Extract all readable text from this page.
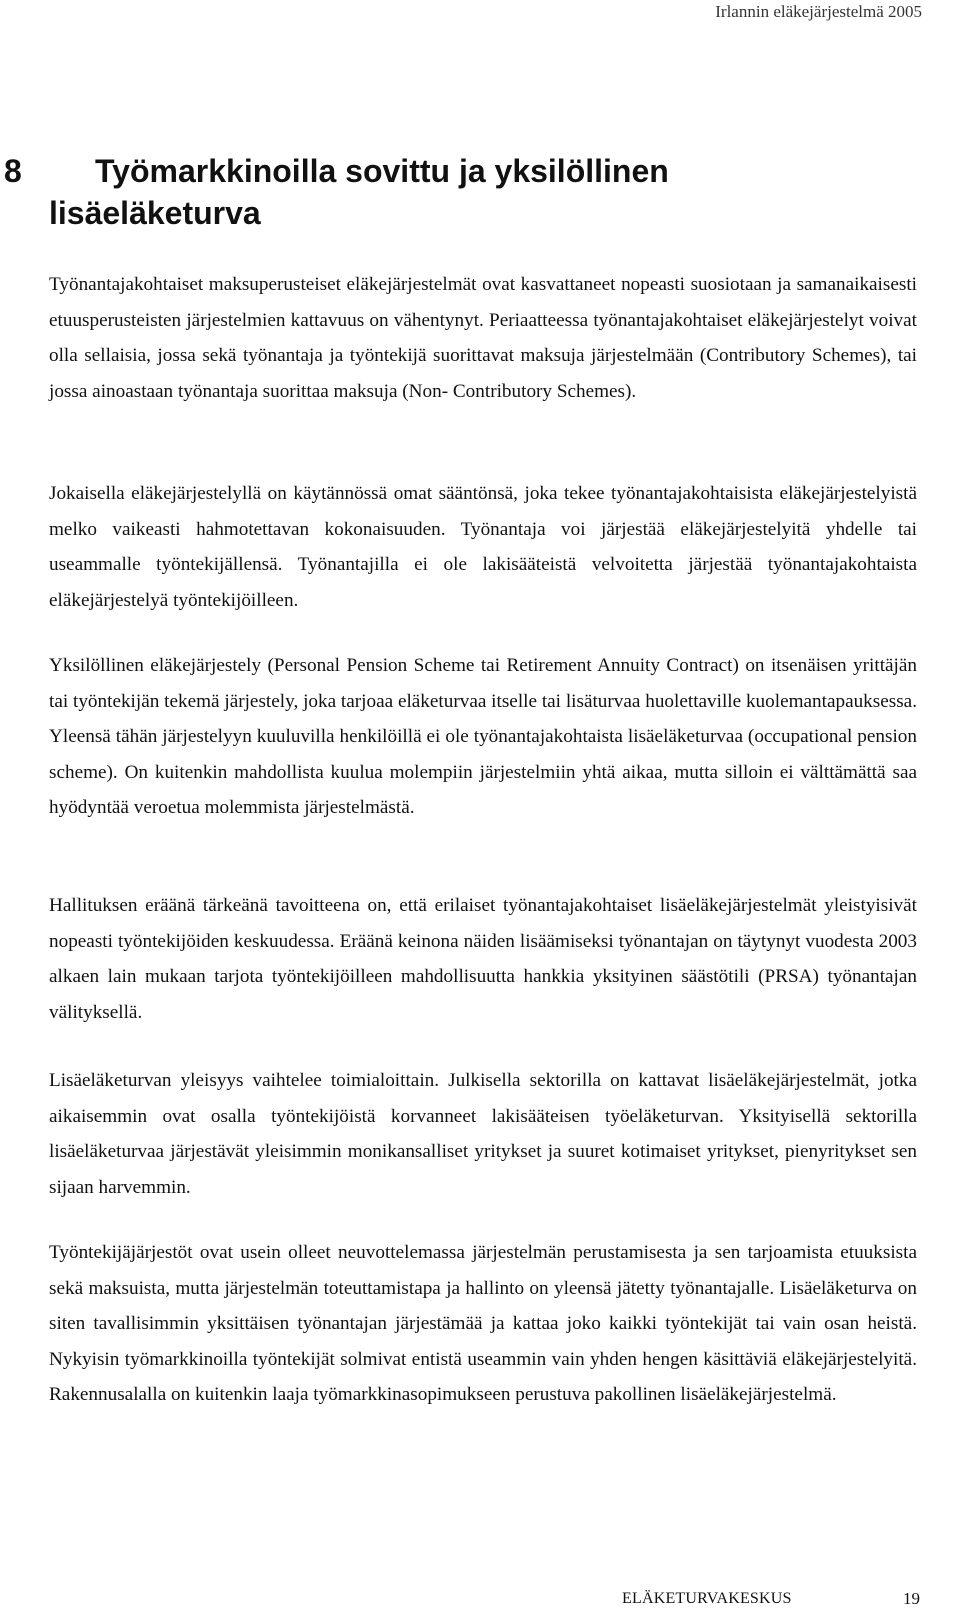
Irlannin eläkejärjestelmä 2005
8	Työmarkkinoilla sovittu ja yksilöllinen
lisäeläketurva

Työnantajakohtaiset maksuperusteiset eläkejärjestelmät ovat kasvattaneet nopeasti suosiotaan ja samanaikaisesti etuusperusteisten järjestelmien kattavuus on vähentynyt. Periaatteessa työnantajakohtaiset eläkejärjestelyt voivat olla sellaisia, jossa sekä työnantaja ja työntekijä suorittavat maksuja järjestelmään (Contributory Schemes), tai jossa ainoastaan työnantaja suorittaa maksuja (Non- Contributory Schemes).

Jokaisella eläkejärjestelyllä on käytännössä omat sääntönsä, joka tekee työnantajakohtaisista eläkejärjestelyistä melko vaikeasti hahmotettavan kokonaisuuden. Työnantaja voi järjestää eläkejärjestelyitä yhdelle tai useammalle työntekijällensä. Työnantajilla ei ole lakisääteistä velvoitetta järjestää työnantajakohtaista eläkejärjestelyä työntekijöilleen.

Yksilöllinen eläkejärjestely (Personal Pension Scheme tai Retirement Annuity Contract) on itsenäisen yrittäjän tai työntekijän tekemä järjestely, joka tarjoaa eläketurvaa itselle tai lisäturvaa huolettaville kuolemantapauksessa. Yleensä tähän järjestelyyn kuuluvilla henkilöillä ei ole työnantajakohtaista lisäeläketurvaa (occupational pension scheme). On kuitenkin mahdollista kuulua molempiin järjestelmiin yhtä aikaa, mutta silloin ei välttämättä saa hyödyntää veroetua molemmista järjestelmästä.

Hallituksen eräänä tärkeänä tavoitteena on, että erilaiset työnantajakohtaiset lisäeläkejärjestelmät yleistyisivät nopeasti työntekijöiden keskuudessa. Eräänä keinona näiden lisäämiseksi työnantajan on täytynyt vuodesta 2003 alkaen lain mukaan tarjota työntekijöilleen mahdollisuutta hankkia yksityinen säästötili (PRSA) työnantajan välityksellä.

Lisäeläketurvan yleisyys vaihtelee toimialoittain. Julkisella sektorilla on kattavat lisäeläkejärjestelmät, jotka aikaisemmin ovat osalla työntekijöistä korvanneet lakisääteisen työeläketurvan. Yksityisellä sektorilla lisäeläketurvaa järjestävät yleisimmin monikansalliset yritykset ja suuret kotimaiset yritykset, pienyritykset sen sijaan harvemmin.

Työntekijäjärjestöt ovat usein olleet neuvottelemassa järjestelmän perustamisesta ja sen tarjoamista etuuksista sekä maksuista, mutta järjestelmän toteuttamistapa ja hallinto on yleensä jätetty työnantajalle. Lisäeläketurva on siten tavallisimmin yksittäisen työnantajan järjestämää ja kattaa joko kaikki työntekijät tai vain osan heistä. Nykyisin työmarkkinoilla työntekijät solmivat entistä useammin vain yhden hengen käsittäviä eläkejärjestelyitä. Rakennusalalla on kuitenkin laaja työmarkkinasopimukseen perustuva pakollinen lisäeläkejärjestelmä.

ELÄKETURVAKESKUS	19
